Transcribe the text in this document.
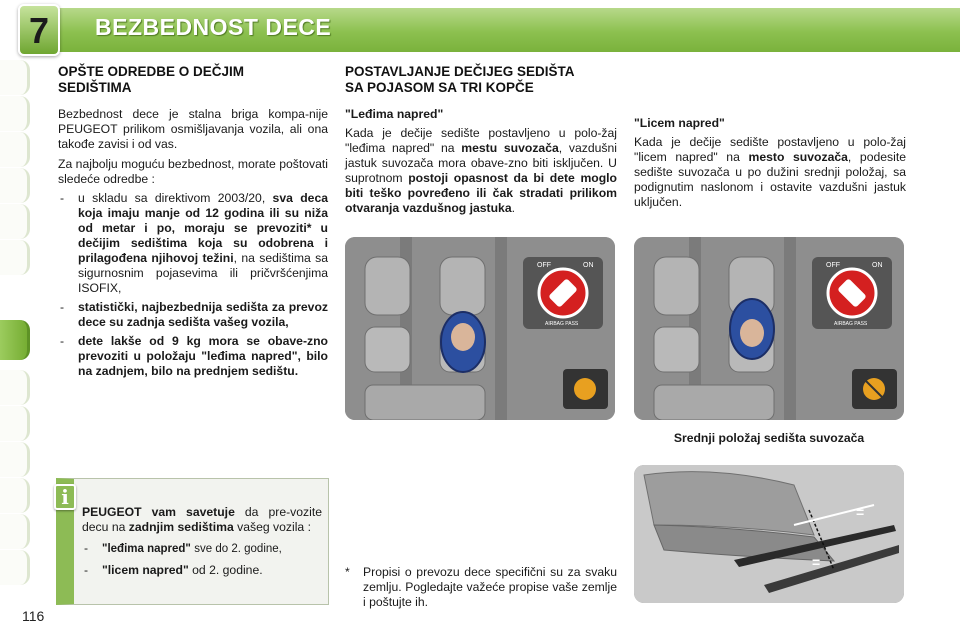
BEZBEDNOST DECE
7
116
OPŠTE ODREDBE O DEČJIM SEDIŠTIMA

Bezbednost dece je stalna briga kompa-nije PEUGEOT prilikom osmišljavanja vozila, ali ona takođe zavisi i od vas.

Za najbolju moguću bezbednost, morate poštovati sledeće odredbe :

- u skladu sa direktivom 2003/20, sva deca koja imaju manje od 12 godina ili su niža od metar i po, moraju se prevoziti* u dečijim sedištima koja su odobrena i prilagođena njihovoj težini, na sedištima sa sigurnosnim pojasevima ili pričvršćenjima ISOFIX,
- statistički, najbezbednija sedišta za prevoz dece su zadnja sedišta vašeg vozila,
- dete lakše od 9 kg mora se obave-zno prevoziti u položaju "leđima napred", bilo na zadnjem, bilo na prednjem sedištu.
PEUGEOT vam savetuje da pre-vozite decu na zadnjim sedištima vašeg vozila :
- "leđima napred" sve do 2. godine,
- "licem napred" od 2. godine.
i
POSTAVLJANJE DEČIJEG SEDIŠTA SA POJASOM SA TRI KOPČE
"Leđima napred"

Kada je dečije sedište postavljeno u polo-žaj "leđima napred" na mestu suvozača, vazdušni jastuk suvozača mora obave-zno biti isključen. U suprotnom postoji opasnost da bi dete moglo biti teško povređeno ili čak stradati prilikom otvaranja vazdušnog jastuka.

"Licem napred"

Kada je dečije sedište postavljeno u polo-žaj "licem napred" na mesto suvozača, podesite sedište suvozača u po dužini srednji položaj, sa podignutim naslonom i ostavite vazdušni jastuk uključen.

OFF	ON
AIRBAG PASS
OFF	ON
AIRBAG PASS
Srednji položaj sedišta suvozača
=
=
* Propisi o prevozu dece specifični su za svaku zemlju. Pogledajte važeće propise vaše zemlje i poštujte ih.
